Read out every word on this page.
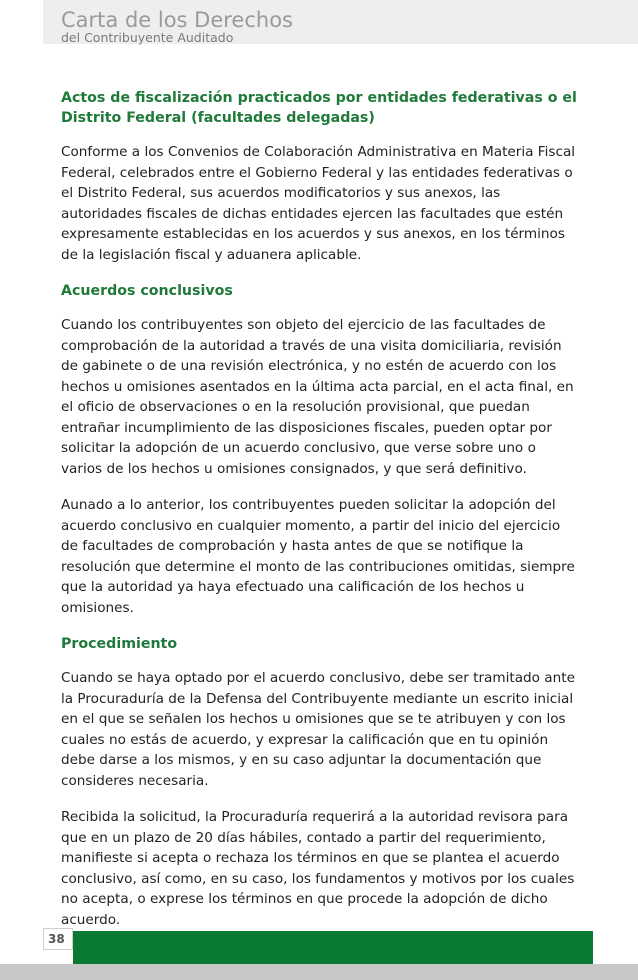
Carta de los Derechos
del Contribuyente Auditado
Actos de fiscalización practicados por entidades federativas o el Distrito Federal (facultades delegadas)

Conforme a los Convenios de Colaboración Administrativa en Materia Fiscal Federal, celebrados entre el Gobierno Federal y las entidades federativas o el Distrito Federal, sus acuerdos modificatorios y sus anexos, las autoridades fiscales de dichas entidades ejercen las facultades que estén expresamente establecidas en los acuerdos y sus anexos, en los términos de la legislación fiscal y aduanera aplicable.

Acuerdos conclusivos

Cuando los contribuyentes son objeto del ejercicio de las facultades de comprobación de la autoridad a través de una visita domiciliaria, revisión de gabinete o de una revisión electrónica, y no estén de acuerdo con los hechos u omisiones asentados en la última acta parcial, en el acta final, en el oficio de observaciones o en la resolución provisional, que puedan entrañar incumplimiento de las disposiciones fiscales, pueden optar por solicitar la adopción de un acuerdo conclusivo, que verse sobre uno o varios de los hechos u omisiones consignados, y que será definitivo.

Aunado a lo anterior, los contribuyentes pueden solicitar la adopción del acuerdo conclusivo en cualquier momento, a partir del inicio del ejercicio de facultades de comprobación y hasta antes de que se notifique la resolución que determine el monto de las contribuciones omitidas, siempre que la autoridad ya haya efectuado una calificación de los hechos u omisiones.

Procedimiento

Cuando se haya optado por el acuerdo conclusivo, debe ser tramitado ante la Procuraduría de la Defensa del Contribuyente mediante un escrito inicial en el que se señalen los hechos u omisiones que se te atribuyen y con los cuales no estás de acuerdo, y expresar la calificación que en tu opinión debe darse a los mismos, y en su caso adjuntar la documentación que consideres necesaria.

Recibida la solicitud, la Procuraduría requerirá a la autoridad revisora para que en un plazo de 20 días hábiles, contado a partir del requerimiento, manifieste si acepta o rechaza los términos en que se plantea el acuerdo conclusivo, así como, en su caso, los fundamentos y motivos por los cuales no acepta, o exprese los términos en que procede la adopción de dicho acuerdo.

38
